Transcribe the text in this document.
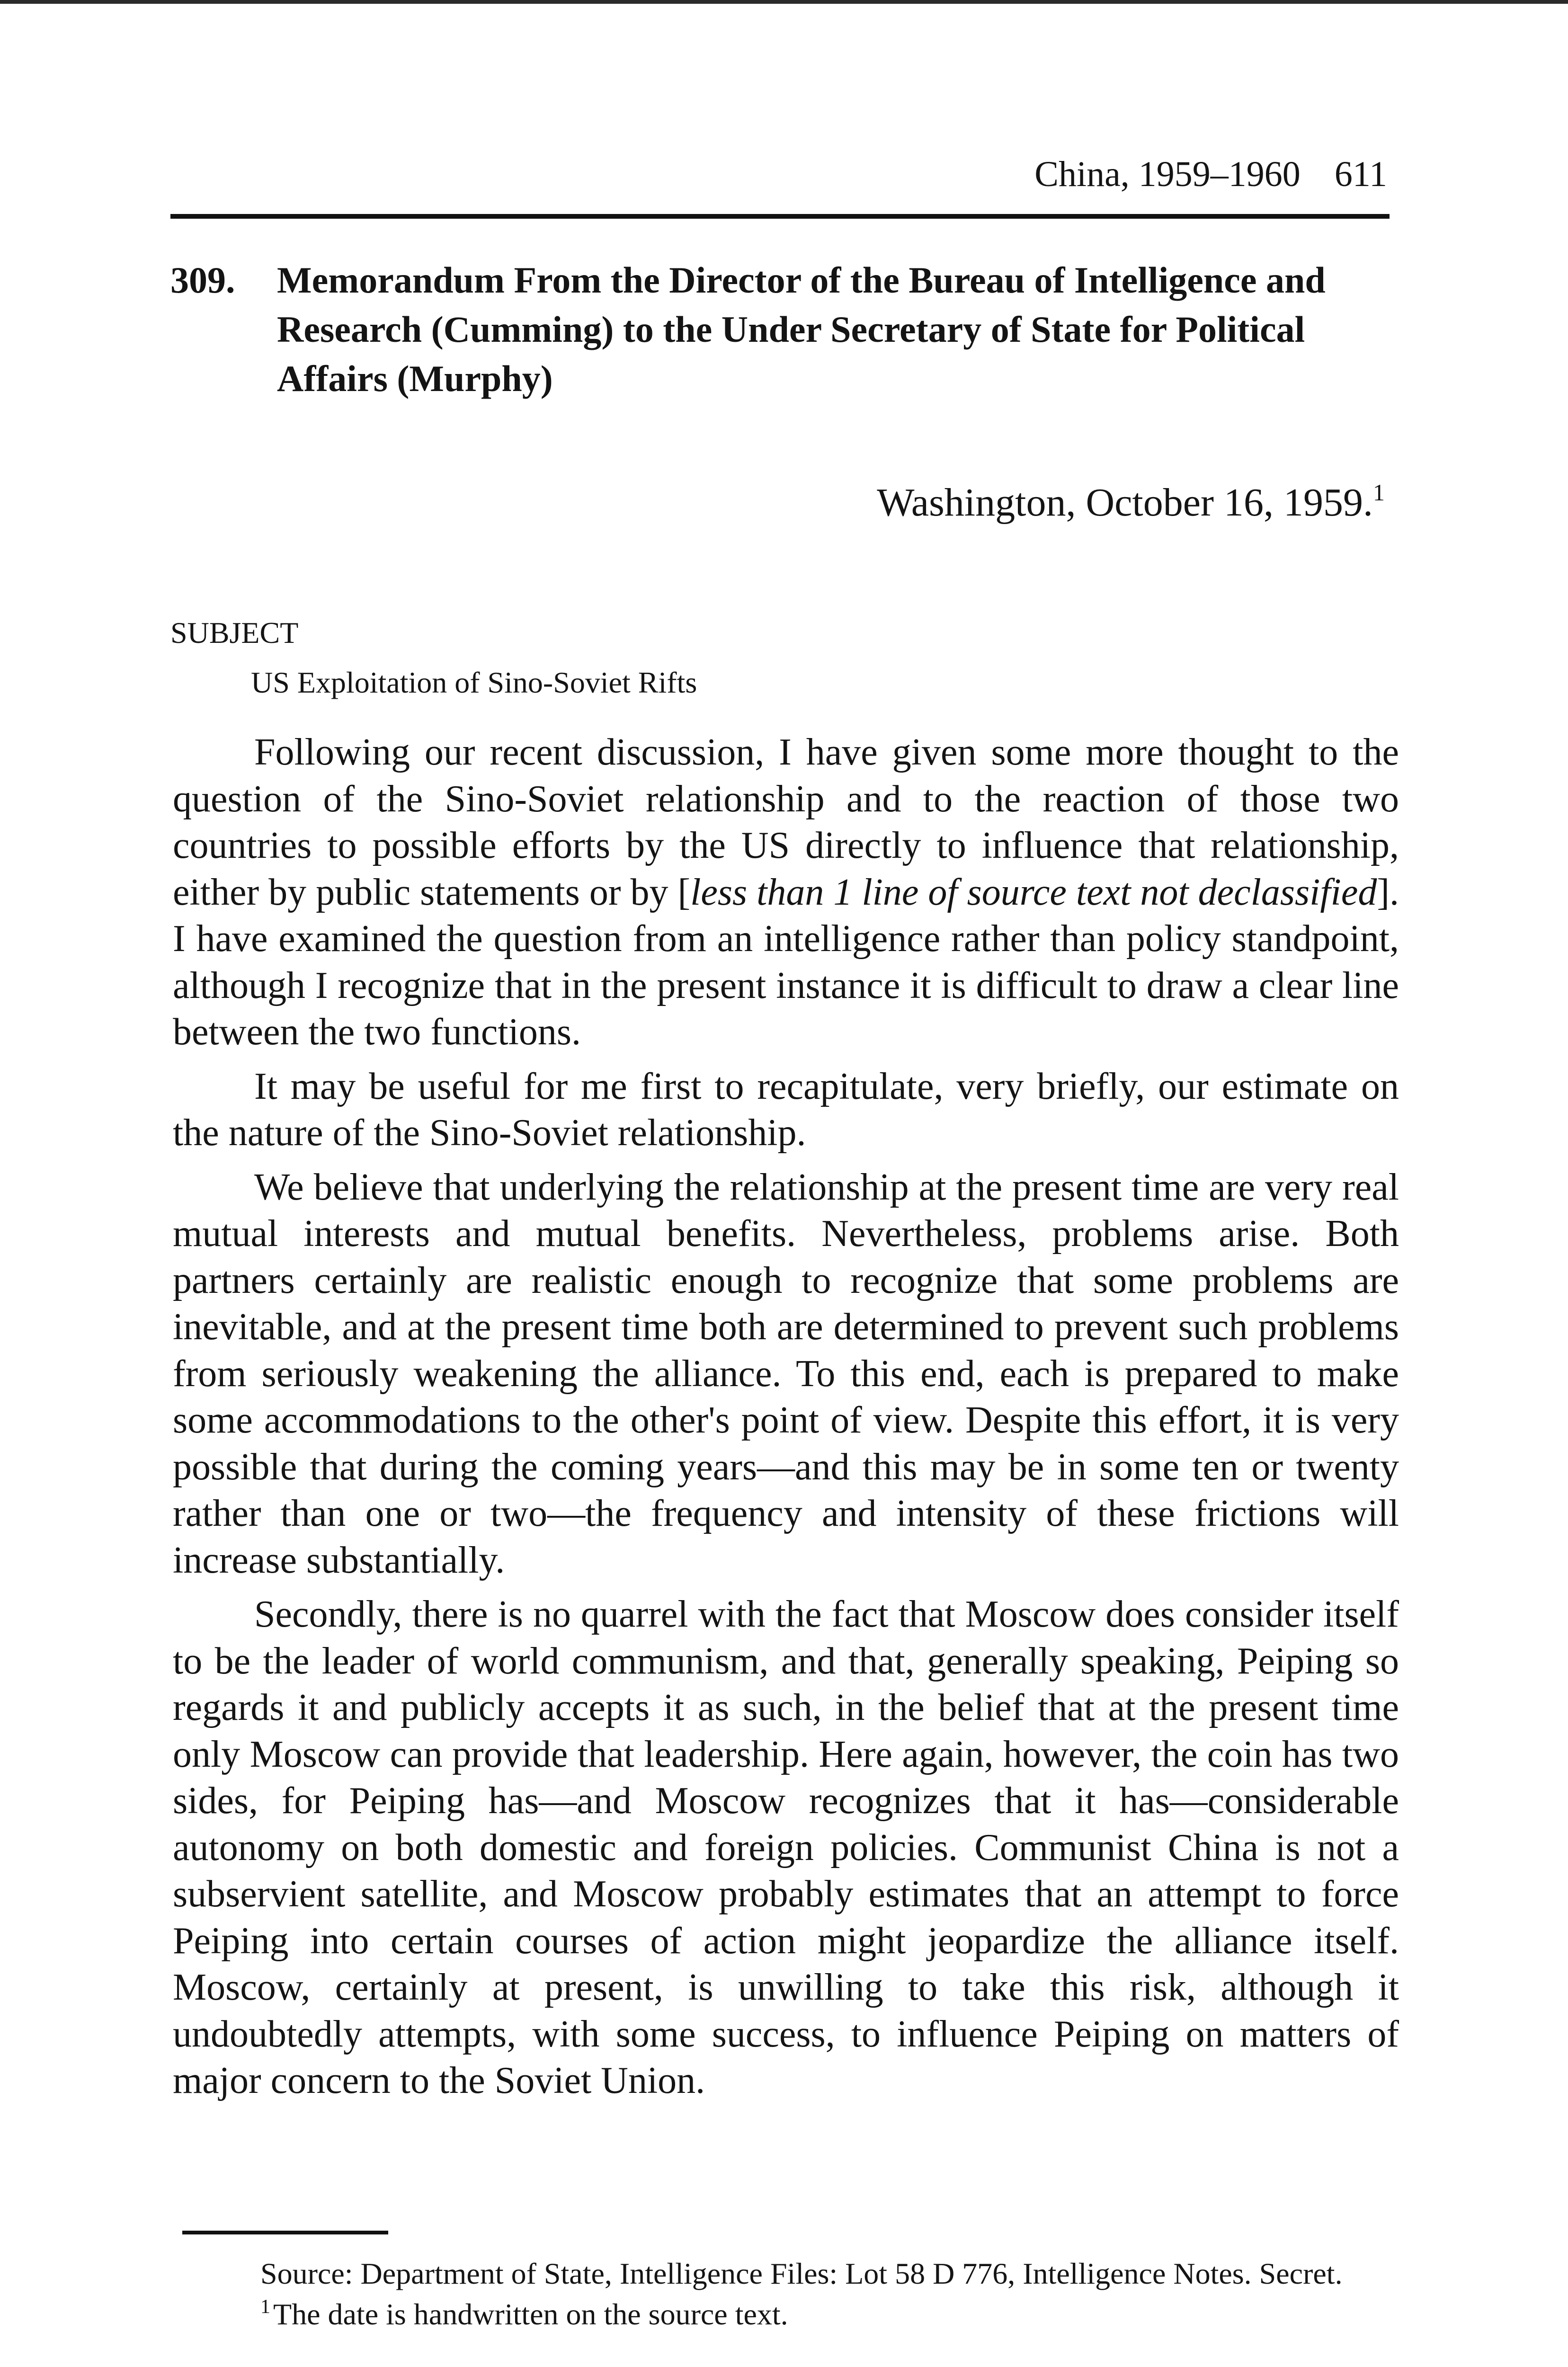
China, 1959–1960 611
309. Memorandum From the Director of the Bureau of Intelligence and Research (Cumming) to the Under Secretary of State for Political Affairs (Murphy)
Washington, October 16, 1959.$^1$
SUBJECT
US Exploitation of Sino-Soviet Rifts

Following our recent discussion, I have given some more thought to the question of the Sino-Soviet relationship and to the reaction of those two countries to possible efforts by the US directly to influence that relationship, either by public statements or by [less than 1 line of source text not declassified]. I have examined the question from an intelligence rather than policy standpoint, although I recognize that in the present instance it is difficult to draw a clear line between the two functions.

It may be useful for me first to recapitulate, very briefly, our estimate on the nature of the Sino-Soviet relationship.

We believe that underlying the relationship at the present time are very real mutual interests and mutual benefits. Nevertheless, problems arise. Both partners certainly are realistic enough to recognize that some problems are inevitable, and at the present time both are determined to prevent such problems from seriously weakening the alliance. To this end, each is prepared to make some accommodations to the other's point of view. Despite this effort, it is very possible that during the coming years—and this may be in some ten or twenty rather than one or two—the frequency and intensity of these frictions will increase substantially.

Secondly, there is no quarrel with the fact that Moscow does consider itself to be the leader of world communism, and that, generally speaking, Peiping so regards it and publicly accepts it as such, in the belief that at the present time only Moscow can provide that leadership. Here again, however, the coin has two sides, for Peiping has—and Moscow recognizes that it has—considerable autonomy on both domestic and foreign policies. Communist China is not a subservient satellite, and Moscow probably estimates that an attempt to force Peiping into certain courses of action might jeopardize the alliance itself. Moscow, certainly at present, is unwilling to take this risk, although it undoubtedly attempts, with some success, to influence Peiping on matters of major concern to the Soviet Union.

Source: Department of State, Intelligence Files: Lot 58 D 776, Intelligence Notes. Secret.

$^1$The date is handwritten on the source text.
